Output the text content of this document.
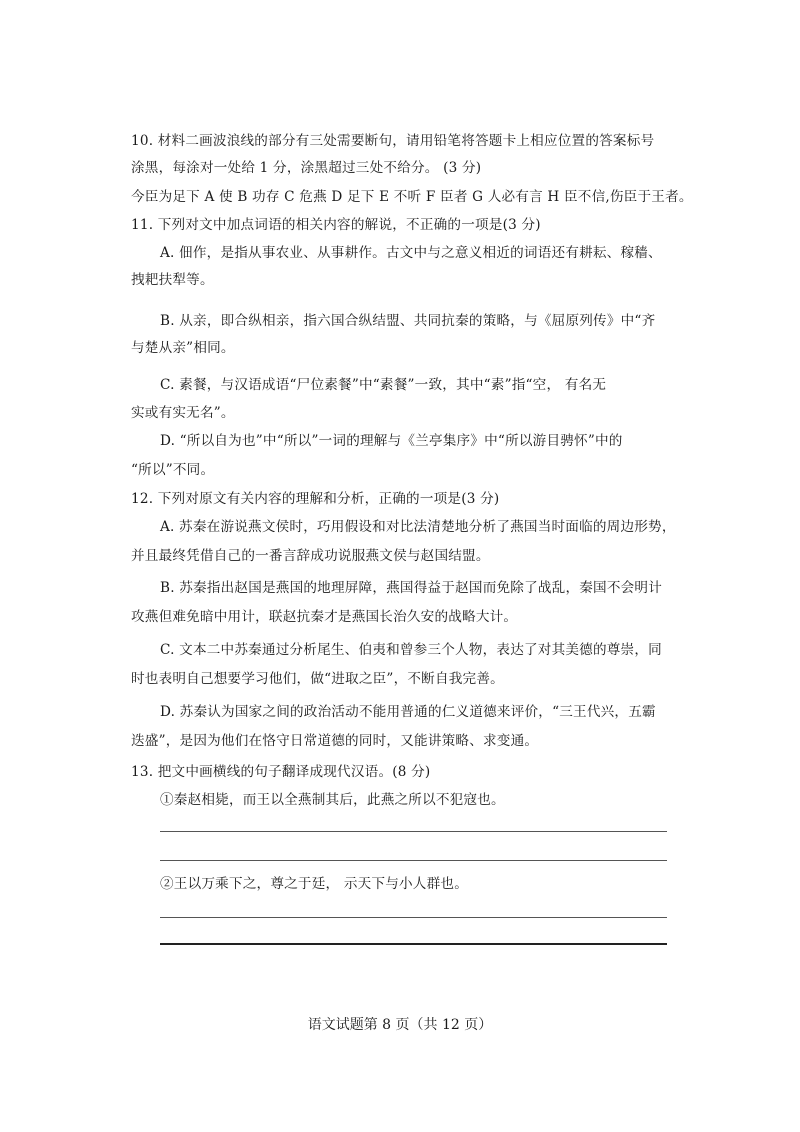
10. 材料二画波浪线的部分有三处需要断句，请用铅笔将答题卡上相应位置的答案标号
涂黑，每涂对一处给 1 分，涂黑超过三处不给分。 (3 分)
今臣为足下 A 使 B 功存 C 危燕 D 足下 E 不听 F 臣者 G 人必有言 H 臣不信,伤臣于王者。
11. 下列对文中加点词语的相关内容的解说，不正确的一项是(3 分)
A. 佃作，是指从事农业、从事耕作。古文中与之意义相近的词语还有耕耘、稼穑、
拽耙扶犁等。
B. 从亲，即合纵相亲，指六国合纵结盟、共同抗秦的策略，与《屈原列传》中“齐
与楚从亲”相同。
C. 素餐，与汉语成语“尸位素餐”中“素餐”一致，其中“素”指“空， 有名无
实或有实无名”。
D. “所以自为也”中“所以”一词的理解与《兰亭集序》中“所以游目骋怀”中的
“所以”不同。
12. 下列对原文有关内容的理解和分析，正确的一项是(3 分)
A. 苏秦在游说燕文侯时，巧用假设和对比法清楚地分析了燕国当时面临的周边形势，
并且最终凭借自己的一番言辞成功说服燕文侯与赵国结盟。
B. 苏秦指出赵国是燕国的地理屏障，燕国得益于赵国而免除了战乱，秦国不会明计
攻燕但难免暗中用计，联赵抗秦才是燕国长治久安的战略大计。
C. 文本二中苏秦通过分析尾生、伯夷和曾参三个人物，表达了对其美德的尊崇，同
时也表明自己想要学习他们，做“进取之臣”，不断自我完善。
D. 苏秦认为国家之间的政治活动不能用普通的仁义道德来评价，“三王代兴，五霸
迭盛”，是因为他们在恪守日常道德的同时，又能讲策略、求变通。
13. 把文中画横线的句子翻译成现代汉语。(8 分)
①秦赵相毙，而王以全燕制其后，此燕之所以不犯寇也。
②王以万乘下之，尊之于廷， 示天下与小人群也。
语文试题第 8 页（共 12 页）
